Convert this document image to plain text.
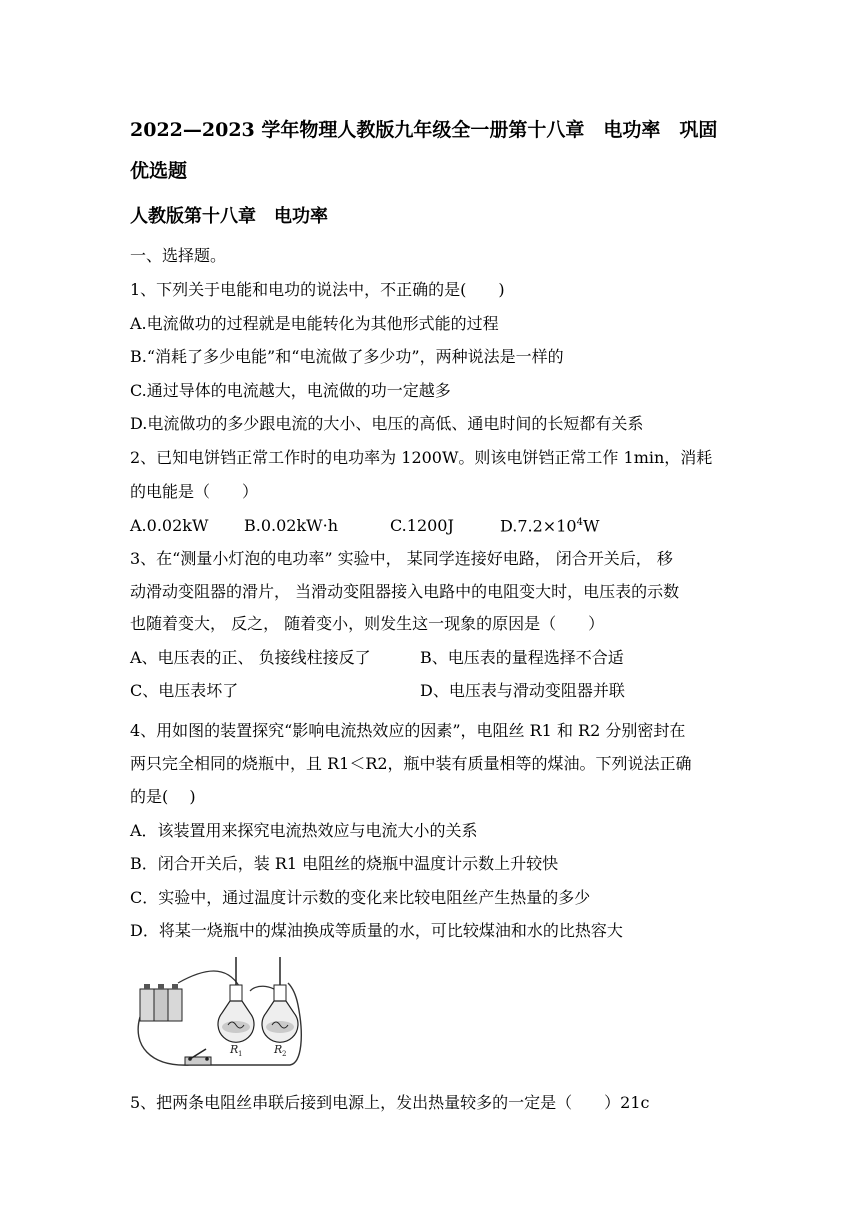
2022—2023 学年物理人教版九年级全一册第十八章　电功率　巩固
优选题
人教版第十八章　电功率
一、选择题。
1、下列关于电能和电功的说法中，不正确的是(　　)
A.电流做功的过程就是电能转化为其他形式能的过程
B.“消耗了多少电能”和“电流做了多少功”，两种说法是一样的
C.通过导体的电流越大，电流做的功一定越多
D.电流做功的多少跟电流的大小、电压的高低、通电时间的长短都有关系
2、已知电饼铛正常工作时的电功率为 1200W。则该电饼铛正常工作 1min，消耗
的电能是（　　）
A.0.02kW B.0.02kW·h	C.1200J	$D.7.2\times 10^4W$
3、在“测量小灯泡的电功率” 实验中， 某同学连接好电路， 闭合开关后， 移
动滑动变阻器的滑片， 当滑动变阻器接入电路中的电阻变大时，电压表的示数
也随着变大， 反之， 随着变小，则发生这一现象的原因是（　　）
A、电压表的正、 负接线柱接反了	B、电压表的量程选择不合适
C、电压表坏了	D、电压表与滑动变阻器并联
4、用如图的装置探究“影响电流热效应的因素”，电阻丝 R1 和 R2 分别密封在
两只完全相同的烧瓶中，且 R1＜R2，瓶中装有质量相等的煤油。下列说法正确
的是(　 )
A．该装置用来探究电流热效应与电流大小的关系
B．闭合开关后，装 R1 电阻丝的烧瓶中温度计示数上升较快
C．实验中，通过温度计示数的变化来比较电阻丝产生热量的多少
D．将某一烧瓶中的煤油换成等质量的水，可比较煤油和水的比热容大
R 1	R 2
5、把两条电阻丝串联后接到电源上，发出热量较多的一定是（　　）21c
